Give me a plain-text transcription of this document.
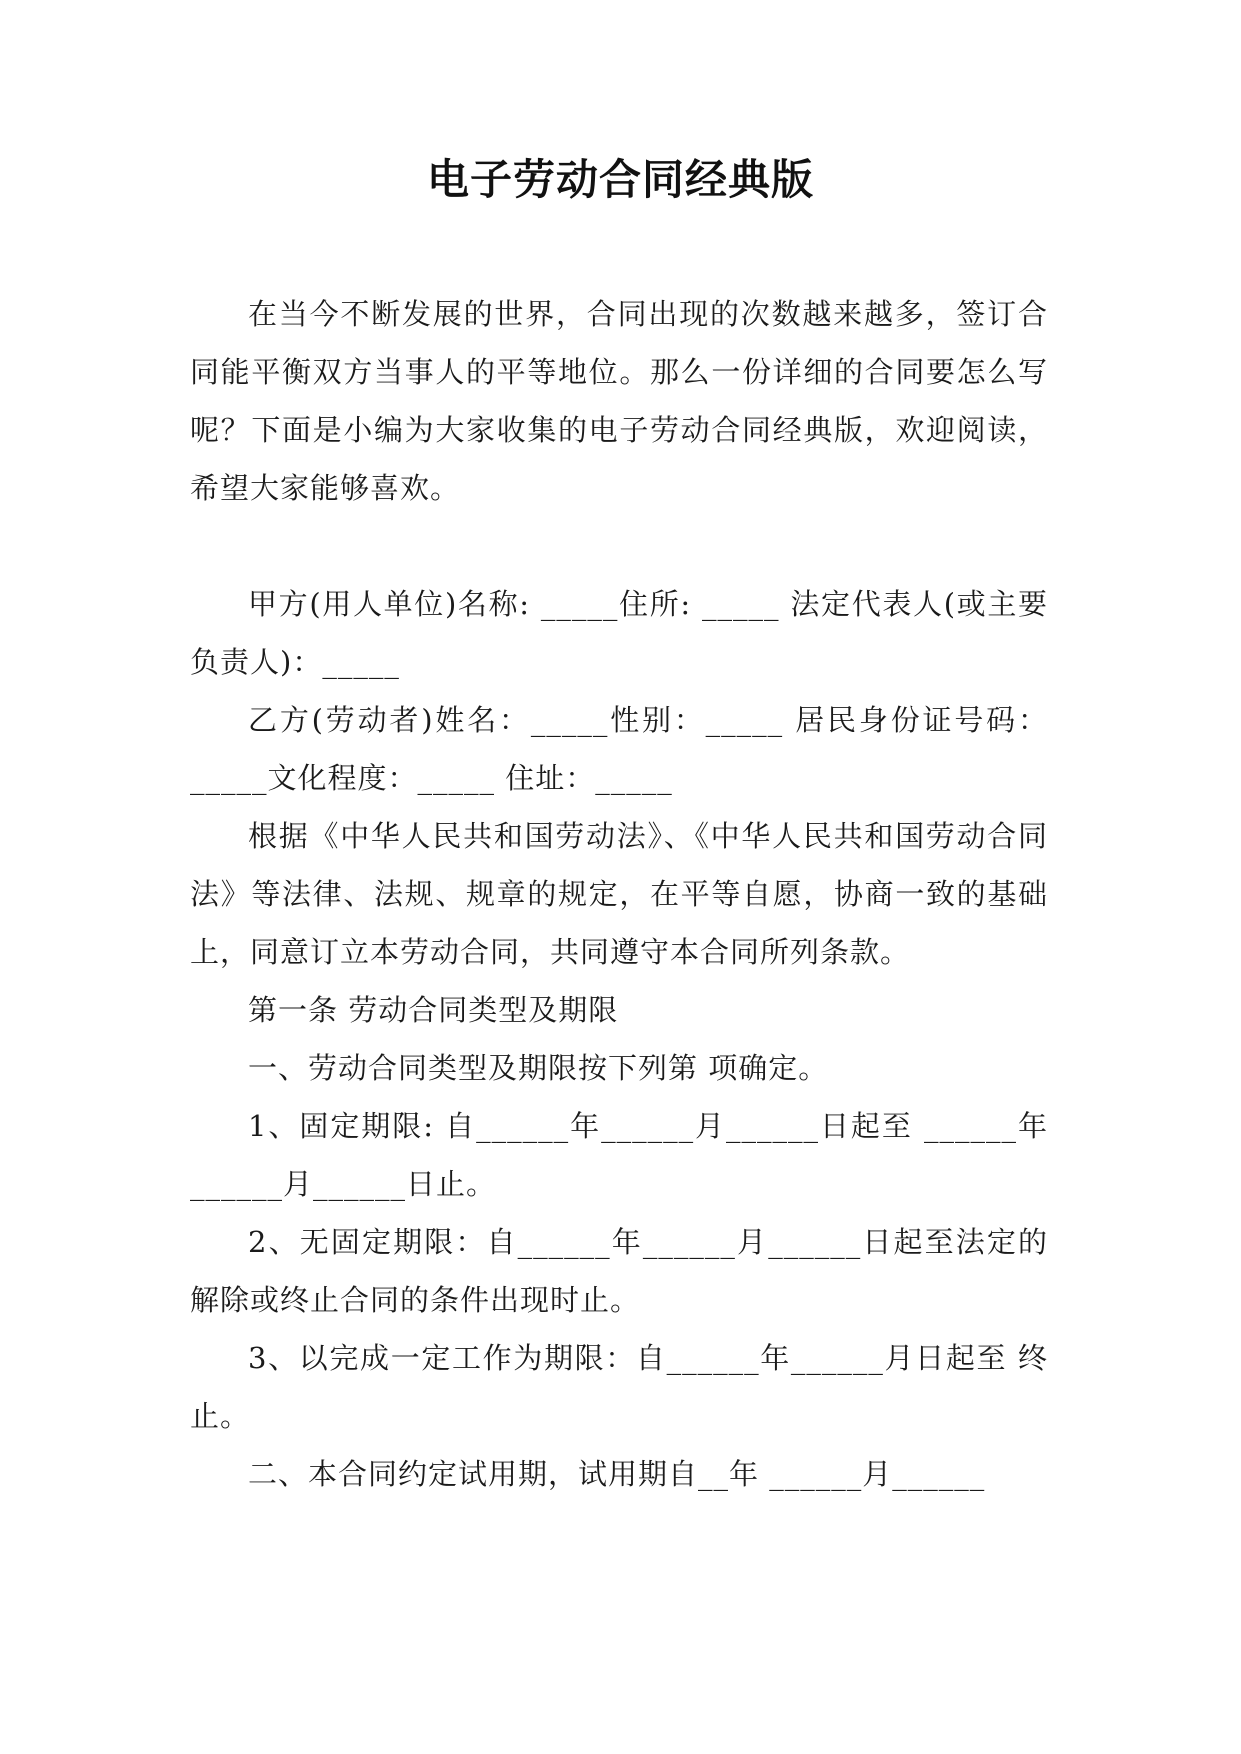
电子劳动合同经典版

在当今不断发展的世界，合同出现的次数越来越多，签订合同能平衡双方当事人的平等地位。那么一份详细的合同要怎么写呢？下面是小编为大家收集的电子劳动合同经典版，欢迎阅读，希望大家能够喜欢。

甲方(用人单位)名称: _____住所: _____ 法定代表人(或主要负责人)：_____

乙方(劳动者)姓名：_____性别：_____ 居民身份证号码：_____文化程度：_____ 住址：_____

根据《中华人民共和国劳动法》、《中华人民共和国劳动合同法》等法律、法规、规章的规定，在平等自愿，协商一致的基础上，同意订立本劳动合同，共同遵守本合同所列条款。

第一条 劳动合同类型及期限

一、劳动合同类型及期限按下列第 项确定。

1、固定期限: 自______年______月______日起至 ______年 ______月______日止。

2、无固定期限：自______年______月______日起至法定的解除或终止合同的条件出现时止。

3、以完成一定工作为期限：自______年______月日起至 终止。

二、本合同约定试用期，试用期自__年 ______月______
